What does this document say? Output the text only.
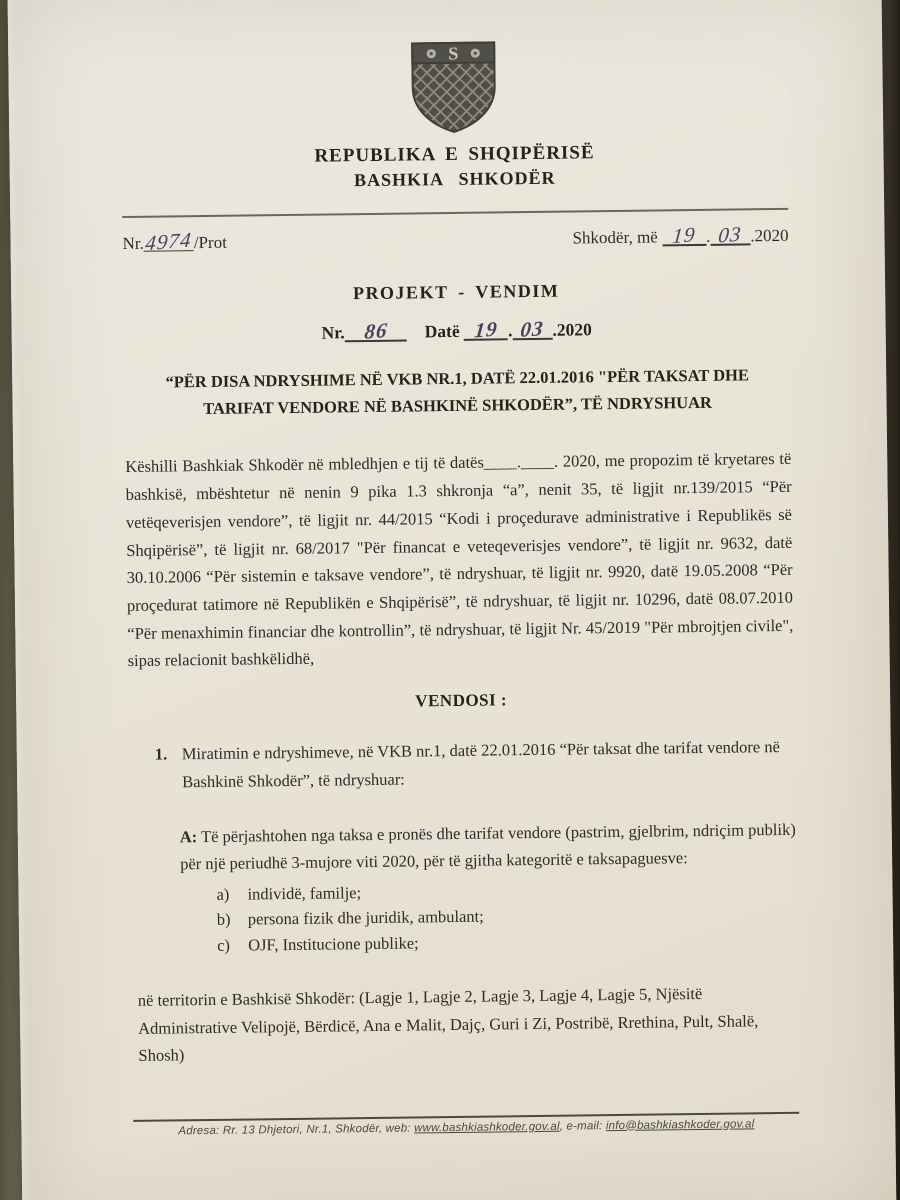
S
REPUBLIKA E SHQIPËRISË
BASHKIA SHKODËR
Nr.4974/Prot	Shkodër, më 19 . 03 .2020
PROJEKT - VENDIM
Nr. 86 Datë 19 . 03 .2020
“PËR DISA NDRYSHIME NË VKB NR.1, DATË 22.01.2016 "PËR TAKSAT DHE TARIFAT VENDORE NË BASHKINË SHKODËR”, TË NDRYSHUAR

Këshilli Bashkiak Shkodër në mbledhjen e tij të datës____.____. 2020, me propozim të kryetares të bashkisë, mbështetur në nenin 9 pika 1.3 shkronja “a”, nenit 35, të ligjit nr.139/2015 “Për vetëqeverisjen vendore”, të ligjit nr. 44/2015 “Kodi i proçedurave administrative i Republikës së Shqipërisë”, të ligjit nr. 68/2017 "Për financat e veteqeverisjes vendore”, të ligjit nr. 9632, datë 30.10.2006 “Për sistemin e taksave vendore”, të ndryshuar, të ligjit nr. 9920, datë 19.05.2008 “Për proçedurat tatimore në Republikën e Shqipërisë”, të ndryshuar, të ligjit nr. 10296, datë 08.07.2010 “Për menaxhimin financiar dhe kontrollin”, të ndryshuar, të ligjit Nr. 45/2019 "Për mbrojtjen civile", sipas relacionit bashkëlidhë,

VENDOSI :
1. Miratimin e ndryshimeve, në VKB nr.1, datë 22.01.2016 “Për taksat dhe tarifat vendore në Bashkinë Shkodër”, të ndryshuar:

A: Të përjashtohen nga taksa e pronës dhe tarifat vendore (pastrim, gjelbrim, ndriçim publik) për një periudhë 3-mujore viti 2020, për të gjitha kategoritë e taksapaguesve:

a)	individë, familje;
b)	persona fizik dhe juridik, ambulant;
c)	OJF, Institucione publike;

në territorin e Bashkisë Shkodër: (Lagje 1, Lagje 2, Lagje 3, Lagje 4, Lagje 5, Njësitë Administrative Velipojë, Bërdicë, Ana e Malit, Dajç, Guri i Zi, Postribë, Rrethina, Pult, Shalë, Shosh)

Adresa: Rr. 13 Dhjetori, Nr.1, Shkodër, web: www.bashkiashkoder.gov.al, e-mail: info@bashkiashkoder.gov.al
